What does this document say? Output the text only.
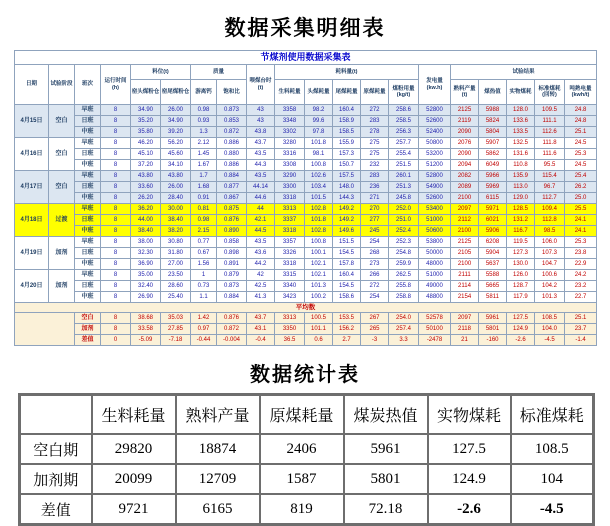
数据采集明细表
节煤剂使用数据采集表																			
日期	试验阶段	班次	运行时间(h)	料位(t)		质量		喂煤台时(t)	耗料量(t)					发电量(kw.h)	试验结果				
				窑头煤粉仓	窑尾煤粉仓	游离钙	饱和比		生料耗量	头煤耗量	尾煤耗量	原煤耗量	煤粉用量(kg/t)		熟料产量(t)	煤热值	实物煤耗	标准煤耗(回转)	吨熟电量(kwh/t)
4月15日	空白	早班	8	34.90	26.00	0.98	0.873	43	3358	98.2	160.4	272	258.6	52800	2125	5988	128.0	109.5	24.8
		日班	8	35.20	34.90	0.93	0.853	43	3348	99.6	158.9	283	258.5	52600	2119	5824	133.6	111.1	24.8
		中班	8	35.80	39.20	1.3	0.872	43.8	3302	97.8	158.5	278	256.3	52400	2090	5804	133.5	112.6	25.1
4月16日	空白	早班	8	46.20	56.20	2.12	0.886	43.7	3280	101.8	155.9	275	257.7	50800	2076	5907	132.5	111.8	24.5
		日班	8	45.10	45.60	1.45	0.880	43.5	3316	98.1	157.3	275	255.4	53200	2090	5862	131.6	111.6	25.3
		中班	8	37.20	34.10	1.67	0.886	44.3	3308	100.8	150.7	232	251.5	51200	2094	6049	110.8	95.5	24.5
4月17日	空白	早班	8	43.80	43.80	1.7	0.884	43.5	3290	102.6	157.5	283	260.1	52800	2082	5966	135.9	115.4	25.4
		日班	8	33.60	26.00	1.68	0.877	44.14	3300	103.4	148.0	236	251.3	54900	2089	5969	113.0	96.7	26.2
		中班	8	26.20	28.40	0.91	0.867	44.6	3318	101.5	144.3	271	245.8	52600	2100	6115	129.0	112.7	25.0
4月18日	过渡	早班	8	36.20	30.00	0.81	0.875	44	3313	102.8	149.2	270	252.0	53400	2097	5971	128.5	109.4	25.5
		日班	8	44.00	38.40	0.98	0.876	42.1	3337	101.8	149.2	277	251.0	51000	2112	6021	131.2	112.8	24.1
		中班	8	38.40	38.20	2.15	0.890	44.5	3318	102.8	149.6	245	252.4	50600	2100	5906	116.7	98.5	24.1
4月19日	加剂	早班	8	38.00	30.80	0.77	0.858	43.5	3357	100.8	151.5	254	252.3	53800	2125	6208	119.5	106.0	25.3
		日班	8	32.30	31.80	0.67	0.898	43.6	3326	100.1	154.5	268	254.8	50000	2105	5904	127.3	107.3	23.8
		中班	8	36.90	27.00	1.56	0.891	44.2	3318	102.1	157.8	273	259.9	48000	2100	5637	130.0	104.7	22.9
4月20日	加剂	早班	8	35.00	23.50	1	0.879	42	3315	102.1	160.4	266	262.5	51000	2111	5588	126.0	100.6	24.2
		日班	8	32.40	28.60	0.73	0.873	42.5	3340	101.3	154.5	272	255.8	49000	2114	5665	128.7	104.2	23.2
		中班	8	26.90	25.40	1.1	0.884	41.3	3423	100.2	158.6	254	258.8	48800	2154	5811	117.9	101.3	22.7
平均数																			
		空白	8	38.68	35.03	1.42	0.876	43.7	3313	100.5	153.5	267	254.0	52578	2097	5961	127.5	108.5	25.1
		加剂	8	33.58	27.85	0.97	0.872	43.1	3350	101.1	156.2	265	257.4	50100	2118	5801	124.9	104.0	23.7
		差值	0	-5.09	-7.18	-0.44	-0.004	-0.4	36.5	0.6	2.7	-3	3.3	-2478	21	-160	-2.6	-4.5	-1.4
数据统计表
	生料耗量	熟料产量	原煤耗量	煤炭热值	实物煤耗	标准煤耗
空白期	29820	18874	2406	5961	127.5	108.5
加剂期	20099	12709	1587	5801	124.9	104
差值	9721	6165	819	72.18	-2.6	-4.5
